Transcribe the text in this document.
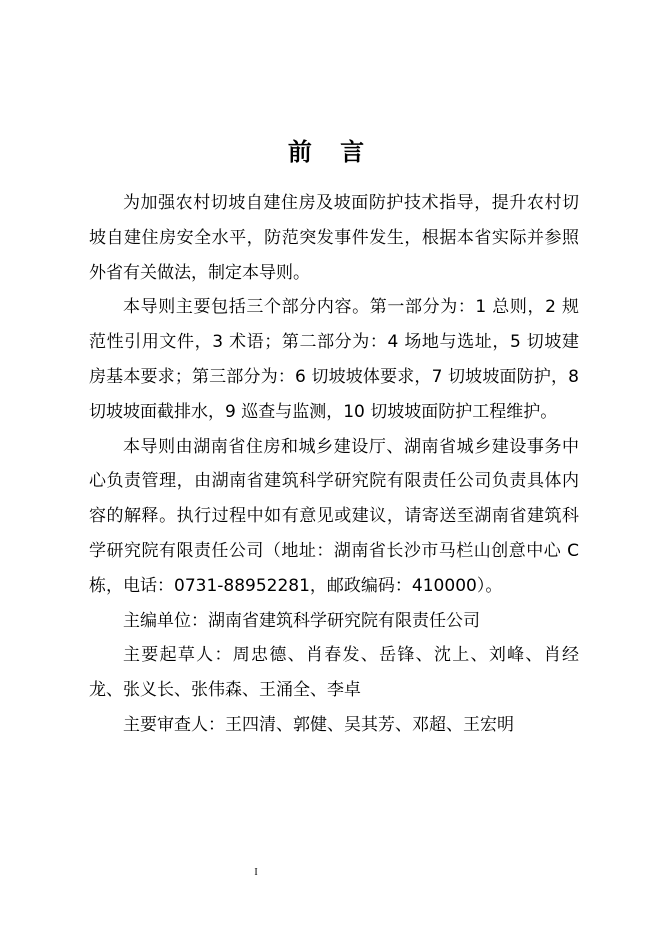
前 言

为加强农村切坡自建住房及坡面防护技术指导，提升农村切坡自建住房安全水平，防范突发事件发生，根据本省实际并参照外省有关做法，制定本导则。

本导则主要包括三个部分内容。第一部分为：1 总则，2 规范性引用文件，3 术语；第二部分为：4 场地与选址，5 切坡建房基本要求；第三部分为：6 切坡坡体要求，7 切坡坡面防护，8 切坡坡面截排水，9 巡查与监测，10 切坡坡面防护工程维护。

本导则由湖南省住房和城乡建设厅、湖南省城乡建设事务中心负责管理，由湖南省建筑科学研究院有限责任公司负责具体内容的解释。执行过程中如有意见或建议，请寄送至湖南省建筑科学研究院有限责任公司（地址：湖南省长沙市马栏山创意中心 C 栋，电话：0731-88952281，邮政编码：410000）。

主编单位：湖南省建筑科学研究院有限责任公司

主要起草人：周忠德、肖春发、岳锋、沈上、刘峰、肖经龙、张义长、张伟森、王涌全、李卓

主要审查人：王四清、郭健、吴其芳、邓超、王宏明

I
